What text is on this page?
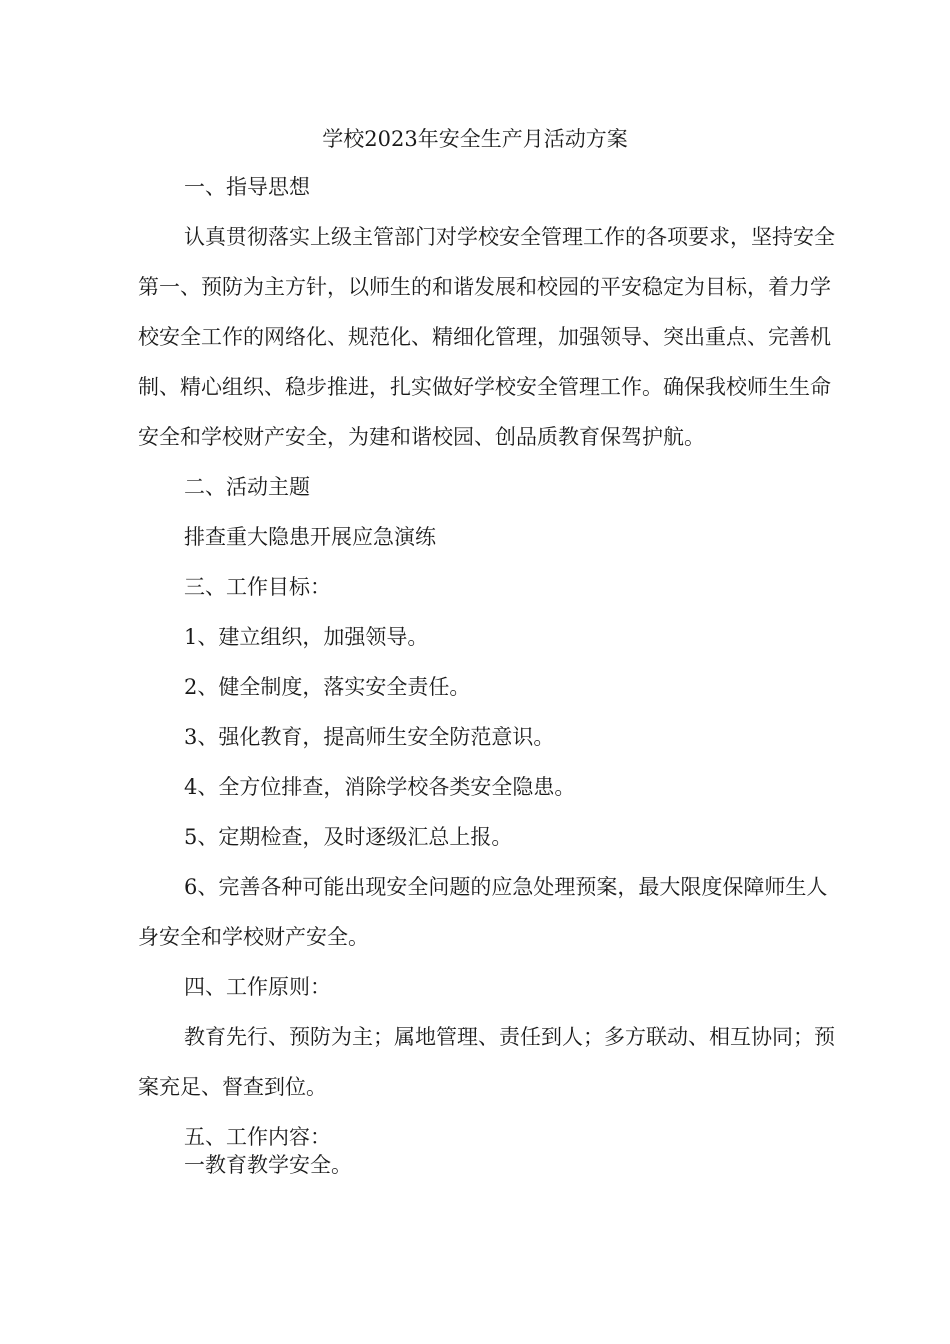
学校2023年安全生产月活动方案

一、指导思想

认真贯彻落实上级主管部门对学校安全管理工作的各项要求，坚持安全

第一、预防为主方针，以师生的和谐发展和校园的平安稳定为目标，着力学

校安全工作的网络化、规范化、精细化管理，加强领导、突出重点、完善机

制、精心组织、稳步推进，扎实做好学校安全管理工作。确保我校师生生命

安全和学校财产安全，为建和谐校园、创品质教育保驾护航。

二、活动主题

排查重大隐患开展应急演练

三、工作目标：

1、建立组织，加强领导。

2、健全制度，落实安全责任。

3、强化教育，提高师生安全防范意识。

4、全方位排查，消除学校各类安全隐患。

5、定期检查，及时逐级汇总上报。

6、完善各种可能出现安全问题的应急处理预案，最大限度保障师生人

身安全和学校财产安全。

四、工作原则：

教育先行、预防为主；属地管理、责任到人；多方联动、相互协同；预

案充足、督查到位。

五、工作内容：

一教育教学安全。
